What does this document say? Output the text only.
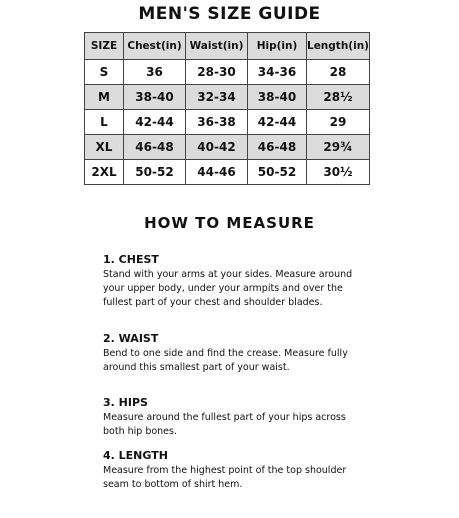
MEN'S SIZE GUIDE
SIZE	Chest(in)	Waist(in)	Hip(in)	Length(in)
S	36	28-30	34-36	28
M	38-40	32-34	38-40	28½
L	42-44	36-38	42-44	29
XL	46-48	40-42	46-48	29¾
2XL	50-52	44-46	50-52	30½
HOW TO MEASURE

1. CHEST

Stand with your arms at your sides. Measure around your upper body, under your armpits and over the fullest part of your chest and shoulder blades.

2. WAIST

Bend to one side and find the crease. Measure fully around this smallest part of your waist.

3. HIPS

Measure around the fullest part of your hips across both hip bones.

4. LENGTH

Measure from the highest point of the top shoulder seam to bottom of shirt hem.
